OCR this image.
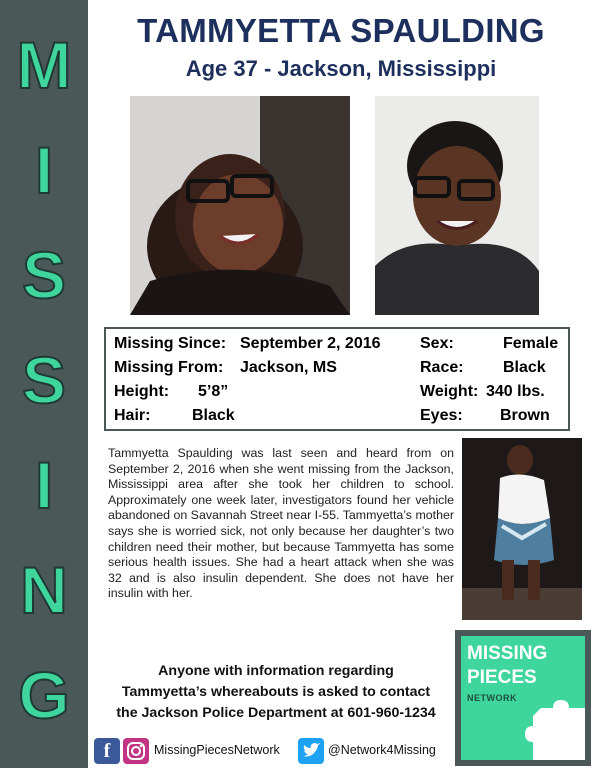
M
I
S
S
I
N
G
TAMMYETTA SPAULDING
Age 37 - Jackson, Mississippi
Missing Since: September 2, 2016
Missing From: Jackson, MS
Height: 5’8”
Hair:	Black
Sex:	Female
Race: Black
Weight: 340 lbs.
Eyes: Brown
Tammyetta Spaulding was last seen and heard from on September 2, 2016 when she went missing from the Jackson, Mississippi area after she took her children to school. Approximately one week later, investigators found her vehicle abandoned on Savannah Street near I-55. Tammyetta’s mother says she is worried sick, not only because her daughter’s two children need their mother, but because Tammyetta has some serious health issues. She had a heart attack when she was 32 and is also insulin dependent. She does not have her insulin with her.
Anyone with information regarding
Tammyetta’s whereabouts is asked to contact
the Jackson Police Department at 601-960-1234
MISSING
PIECES
NETWORK
f	MissingPiecesNetwork	@Network4Missing
